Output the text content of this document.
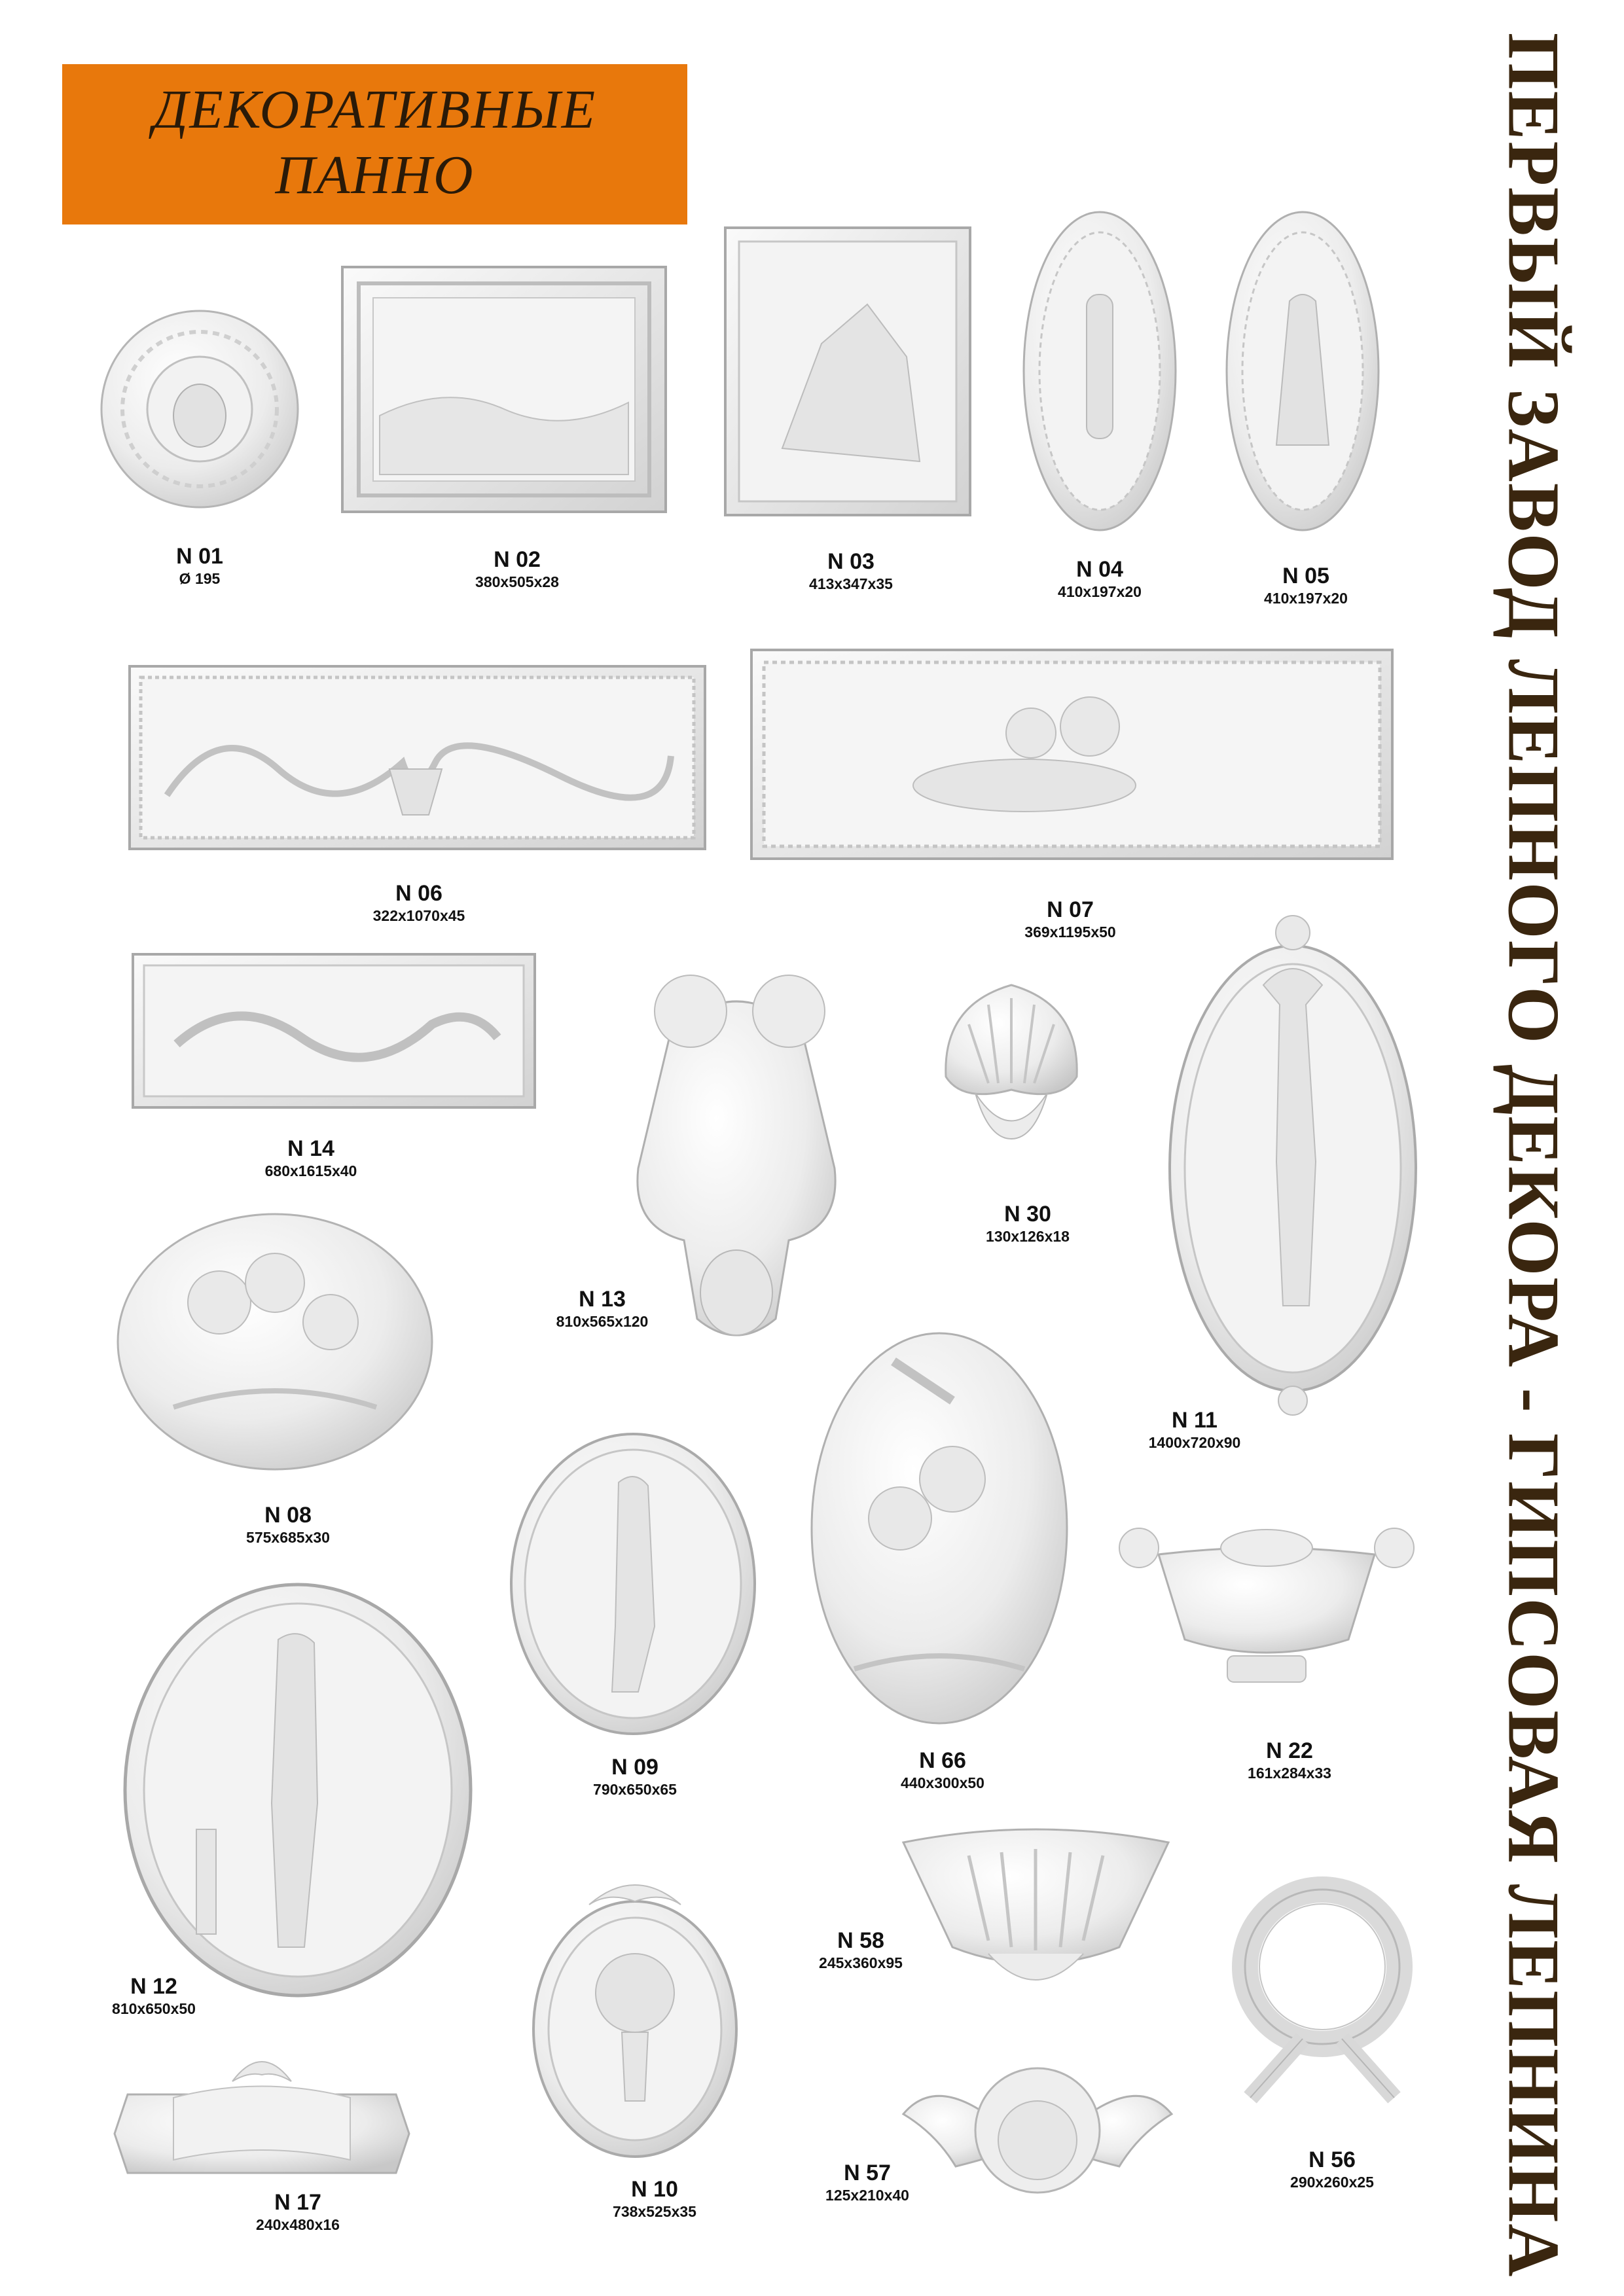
ДЕКОРАТИВНЫЕ
ПАННО	ПЕРВЫЙ ЗАВОД ЛЕПНОГО ДЕКОРА - ГИПСОВАЯ ЛЕПНИНА
N 01
Ø 195
N 02
380x505x28
N 03
413x347x35
N 04
410x197x20
N 05
410x197x20
N 06
322x1070x45	N 07
369x1195x50
N 14
680x1615x40
N 13
810x565x120
N 30
130x126x18
N 11
1400x720x90
N 08
575x685x30
N 09
790x650x65
N 66
440x300x50
N 22
161x284x33
N 12
810x650x50
N 10
738x525x35
N 58
245x360x95
N 56
290x260x25
N 17
240x480x16
N 57
125x210x40
